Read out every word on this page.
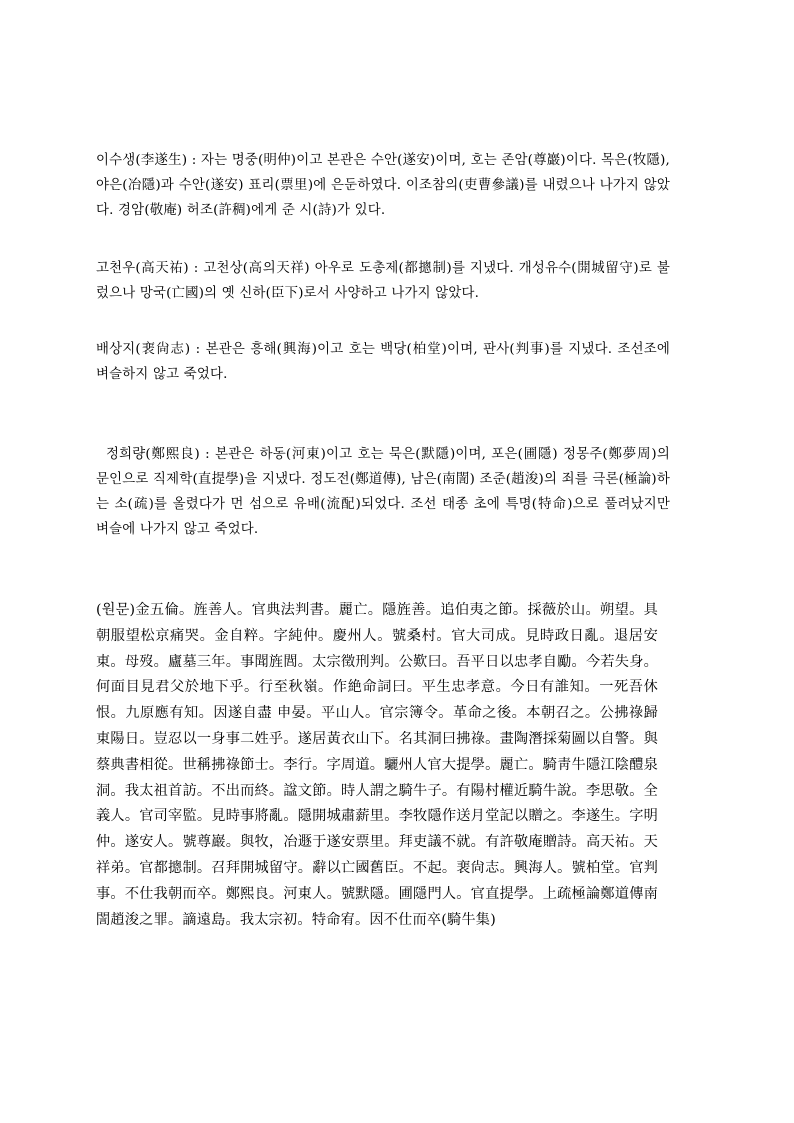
이수생(李遂生) : 자는 명중(明仲)이고 본관은 수안(遂安)이며, 호는 존암(尊巖)이다. 목은(牧隱), 야은(冶隱)과 수안(遂安) 표리(票里)에 은둔하였다. 이조참의(吏曹參議)를 내렸으나 나가지 않았다. 경암(敬庵) 허조(許稠)에게 준 시(詩)가 있다.

고천우(高天祐) : 고천상(高의天祥) 아우로 도총제(都摠制)를 지냈다. 개성유수(開城留守)로 불렀으나 망국(亡國)의 옛 신하(臣下)로서 사양하고 나가지 않았다.

배상지(裵尙志) : 본관은 흥해(興海)이고 호는 백당(柏堂)이며, 판사(判事)를 지냈다. 조선조에 벼슬하지 않고 죽었다.

정희량(鄭熙良) : 본관은 하동(河東)이고 호는 묵은(默隱)이며, 포은(圃隱) 정몽주(鄭夢周)의 문인으로 직제학(直提學)을 지냈다. 정도전(鄭道傳), 남은(南誾) 조준(趙浚)의 죄를 극론(極論)하는 소(疏)를 올렸다가 먼 섬으로 유배(流配)되었다. 조선 태종 초에 특명(特命)으로 풀려났지만 벼슬에 나가지 않고 죽었다.

(원문)金五倫。旌善人。官典法判書。麗亡。隱旌善。追伯夷之節。採薇於山。朔望。具朝服望松京痛哭。金自粹。字純仲。慶州人。號桑村。官大司成。見時政日亂。退居安東。母歿。廬墓三年。事聞旌閭。太宗徵刑判。公歎曰。吾平日以忠孝自勵。今若失身。何面目見君父於地下乎。行至秋嶺。作絶命詞曰。平生忠孝意。今日有誰知。一死吾休恨。九原應有知。因遂自盡 申晏。平山人。官宗簿令。革命之後。本朝召之。公拂祿歸東陽日。豈忍以一身事二姓乎。遂居黃衣山下。名其洞曰拂祿。畫陶潛採菊圖以自警。與蔡典書相從。世稱拂祿節士。李行。字周道。驪州人官大提學。麗亡。騎靑牛隱江陰醴泉洞。我太祖首訪。不出而終。諡文節。時人謂之騎牛子。有陽村權近騎牛說。李思敬。全義人。官司宰監。見時事將亂。隱開城肅薪里。李牧隱作送月堂記以贈之。李遂生。字明仲。遂安人。號尊巖。與牧，冶遯于遂安票里。拜吏議不就。有許敬庵贈詩。高天祐。天祥弟。官都摠制。召拜開城留守。辭以亡國舊臣。不起。裵尙志。興海人。號柏堂。官判事。不仕我朝而卒。鄭熙良。河東人。號默隱。圃隱門人。官直提學。上疏極論鄭道傳南誾趙浚之罪。謫遠島。我太宗初。特命宥。因不仕而卒(騎牛集)
